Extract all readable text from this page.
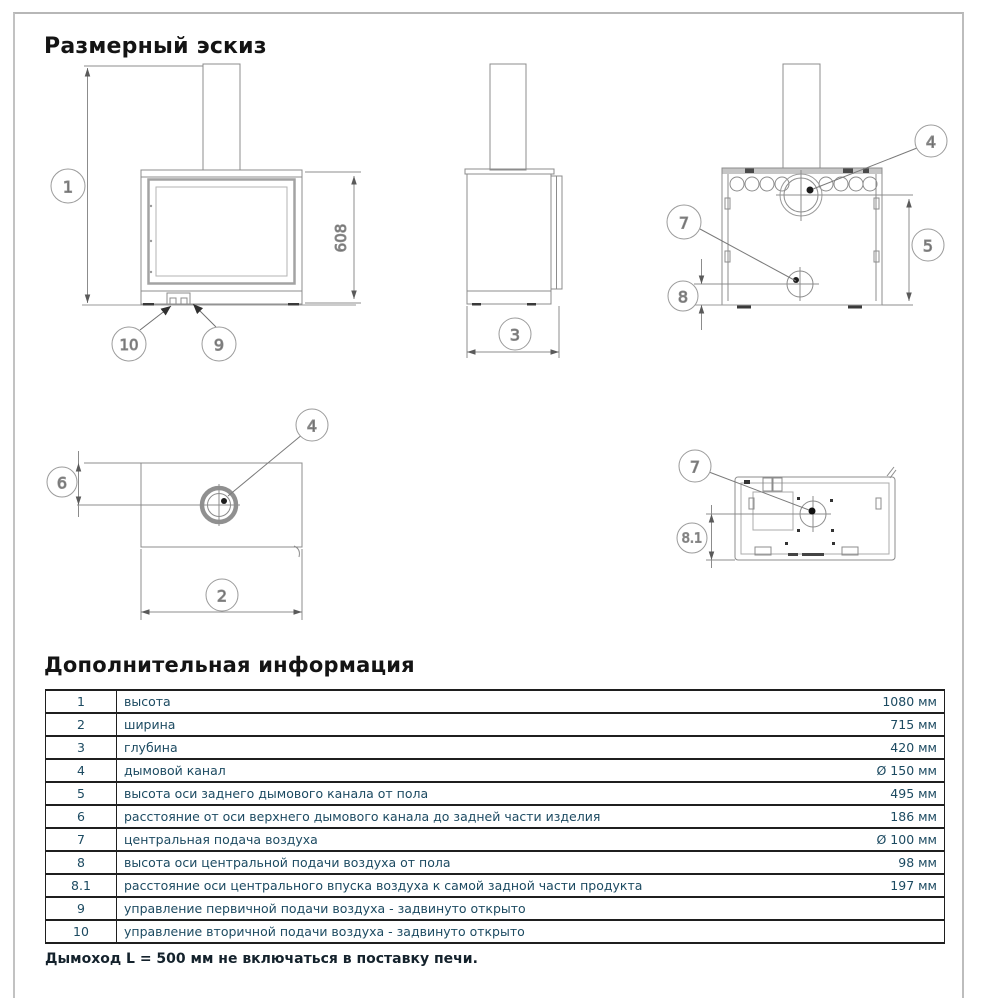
Размерный эскиз
608
1
10	9
3
4
7
8
5
4
6
2
7
8.1
Дополнительная информация
1	высота	1080 мм
2	ширина	715 мм
3	глубина	420 мм
4	дымовой канал	Ø 150 мм
5	высота оси заднего дымового канала от пола	495 мм
6	расстояние от оси верхнего дымового канала до задней части изделия	186 мм
7	центральная подача воздуха	Ø 100 мм
8	высота оси центральной подачи воздуха от пола	98 мм
8.1	расстояние оси центрального впуска воздуха к самой задной части продукта	197 мм
9	управление первичной подачи воздуха - задвинуто открыто	
10	управление вторичной подачи воздуха - задвинуто открыто	

Дымоход L = 500 мм не включаться в поставку печи.
